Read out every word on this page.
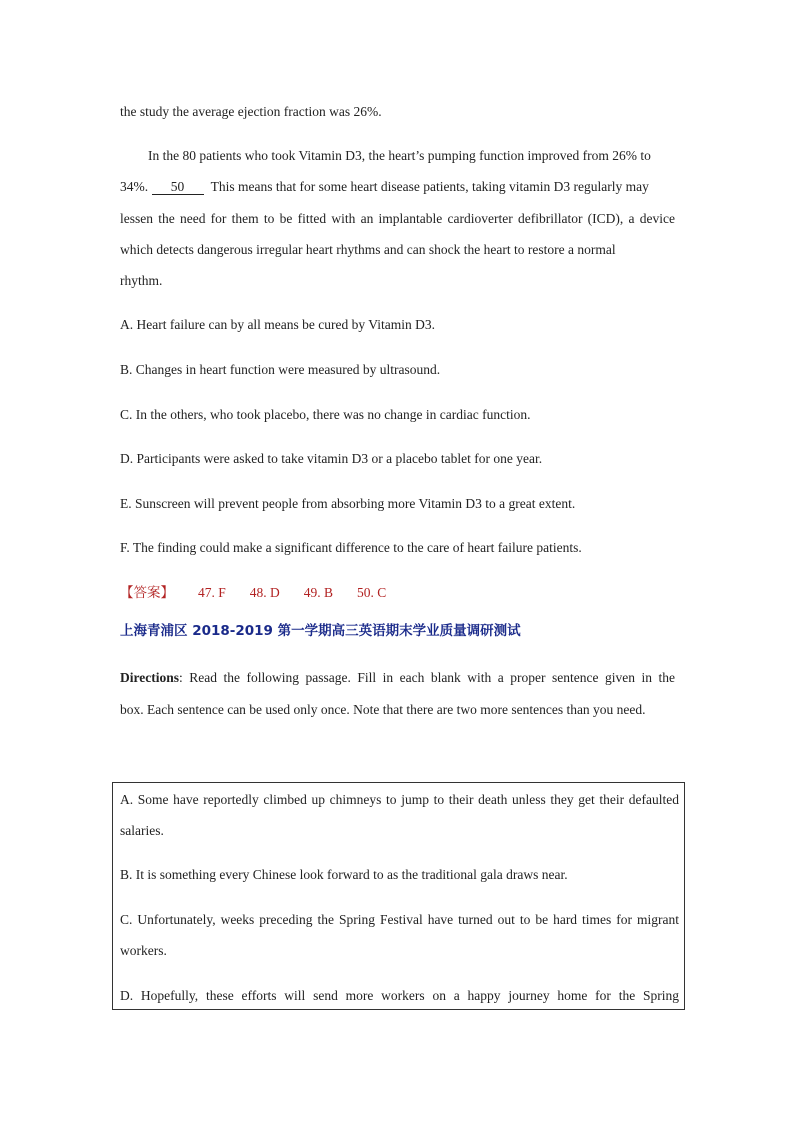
the study the average ejection fraction was 26%.
In the 80 patients who took Vitamin D3, the heart’s pumping function improved from 26% to
34%. 50 This means that for some heart disease patients, taking vitamin D3 regularly may
lessen the need for them to be fitted with an implantable cardioverter defibrillator (ICD), a device
which detects dangerous irregular heart rhythms and can shock the heart to restore a normal
rhythm.
A. Heart failure can by all means be cured by Vitamin D3.
B. Changes in heart function were measured by ultrasound.
C. In the others, who took placebo, there was no change in cardiac function.
D. Participants were asked to take vitamin D3 or a placebo tablet for one year.
E. Sunscreen will prevent people from absorbing more Vitamin D3 to a great extent.
F. The finding could make a significant difference to the care of heart failure patients.
【答案】 47. F 48. D 49. B 50. C
上海青浦区 2018-2019 第一学期高三英语期末学业质量调研测试
Directions: Read the following passage. Fill in each blank with a proper sentence given in the
box. Each sentence can be used only once. Note that there are two more sentences than you need.
A. Some have reportedly climbed up chimneys to jump to their death unless they get their defaulted
salaries.
B. It is something every Chinese look forward to as the traditional gala draws near.
C. Unfortunately, weeks preceding the Spring Festival have turned out to be hard times for migrant
workers.
D. Hopefully, these efforts will send more workers on a happy journey home for the Spring
